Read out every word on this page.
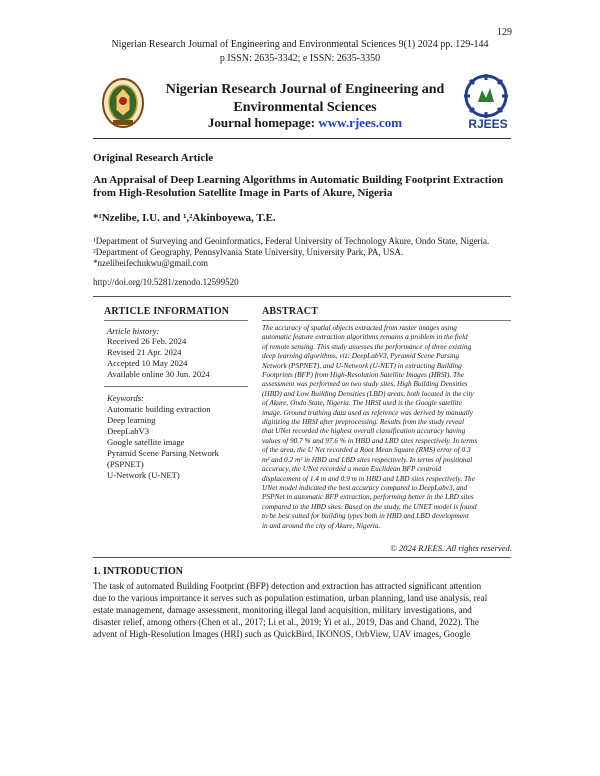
129
Nigerian Research Journal of Engineering and Environmental Sciences 9(1) 2024 pp. 129-144
p ISSN: 2635-3342; e ISSN: 2635-3350
Nigerian Research Journal of Engineering and
Environmental Sciences
Journal homepage: www.rjees.com	RJEES
Original Research Article
An Appraisal of Deep Learning Algorithms in Automatic Building Footprint Extraction from High-Resolution Satellite Image in Parts of Akure, Nigeria
*¹Nzelibe, I.U. and ¹,²Akinboyewa, T.E.
¹Department of Surveying and Geoinformatics, Federal University of Technology Akure, Ondo State, Nigeria.
²Department of Geography, Pennsylvania State University, University Park, PA, USA.
*nzelibeifechukwu@gmail.com
http://doi.org/10.5281/zenodo.12599520
ARTICLE INFORMATION
Article history:
Received 26 Feb. 2024
Revised 21 Apr. 2024
Accepted 10 May 2024
Available online 30 Jun. 2024
Keywords:
Automatic building extraction
Deep learning
DeepLabV3
Google satellite image
Pyramid Scene Parsing Network
(PSPNET)
U-Network (U-NET)
ABSTRACT
The accuracy of spatial objects extracted from raster images using
automatic feature extraction algorithms remains a problem in the field
of remote sensing. This study assesses the performance of three existing
deep learning algorithms, viz: DeepLabV3, Pyramid Scene Parsing
Network (PSPNET), and U-Network (U-NET) in extracting Building
Footprints (BFP) from High-Resolution Satellite Images (HRSI). The
assessment was performed on two study sites, High Building Densities
(HBD) and Low Building Densities (LBD) areas, both located in the city
of Akure, Ondo State, Nigeria. The HRSI used is the Google satellite
image. Ground truthing data used as reference was derived by manually
digitizing the HRSI after preprocessing. Results from the study reveal
that UNet recorded the highest overall classification accuracy having
values of 90.7 % and 97.6 % in HBD and LBD sites respectively. In terms
of the area, the U Net recorded a Root Mean Square (RMS) error of 0.3
m² and 0.2 m² in HBD and LBD sites respectively. In terms of positional
accuracy, the UNet recorded a mean Euclidean BFP centroid
displacement of 1.4 m and 0.9 m in HBD and LBD sites respectively. The
UNet model indicated the best accuracy compared to DeepLabv3, and
PSPNet in automatic BFP extraction, performing better in the LBD sites
compared to the HBD sites. Based on the study, the UNET model is found
to be best suited for building types both in HBD and LBD development
in and around the city of Akure, Nigeria.
© 2024 RJEES. All rights reserved.
1. INTRODUCTION
The task of automated Building Footprint (BFP) detection and extraction has attracted significant attention
due to the various importance it serves such as population estimation, urban planning, land use analysis, real
estate management, damage assessment, monitoring illegal land acquisition, military investigations, and
disaster relief, among others (Chen et al., 2017; Li et al., 2019; Yi et al., 2019, Das and Chand, 2022). The
advent of High-Resolution Images (HRI) such as QuickBird, IKONOS, OrbView, UAV images, Google
